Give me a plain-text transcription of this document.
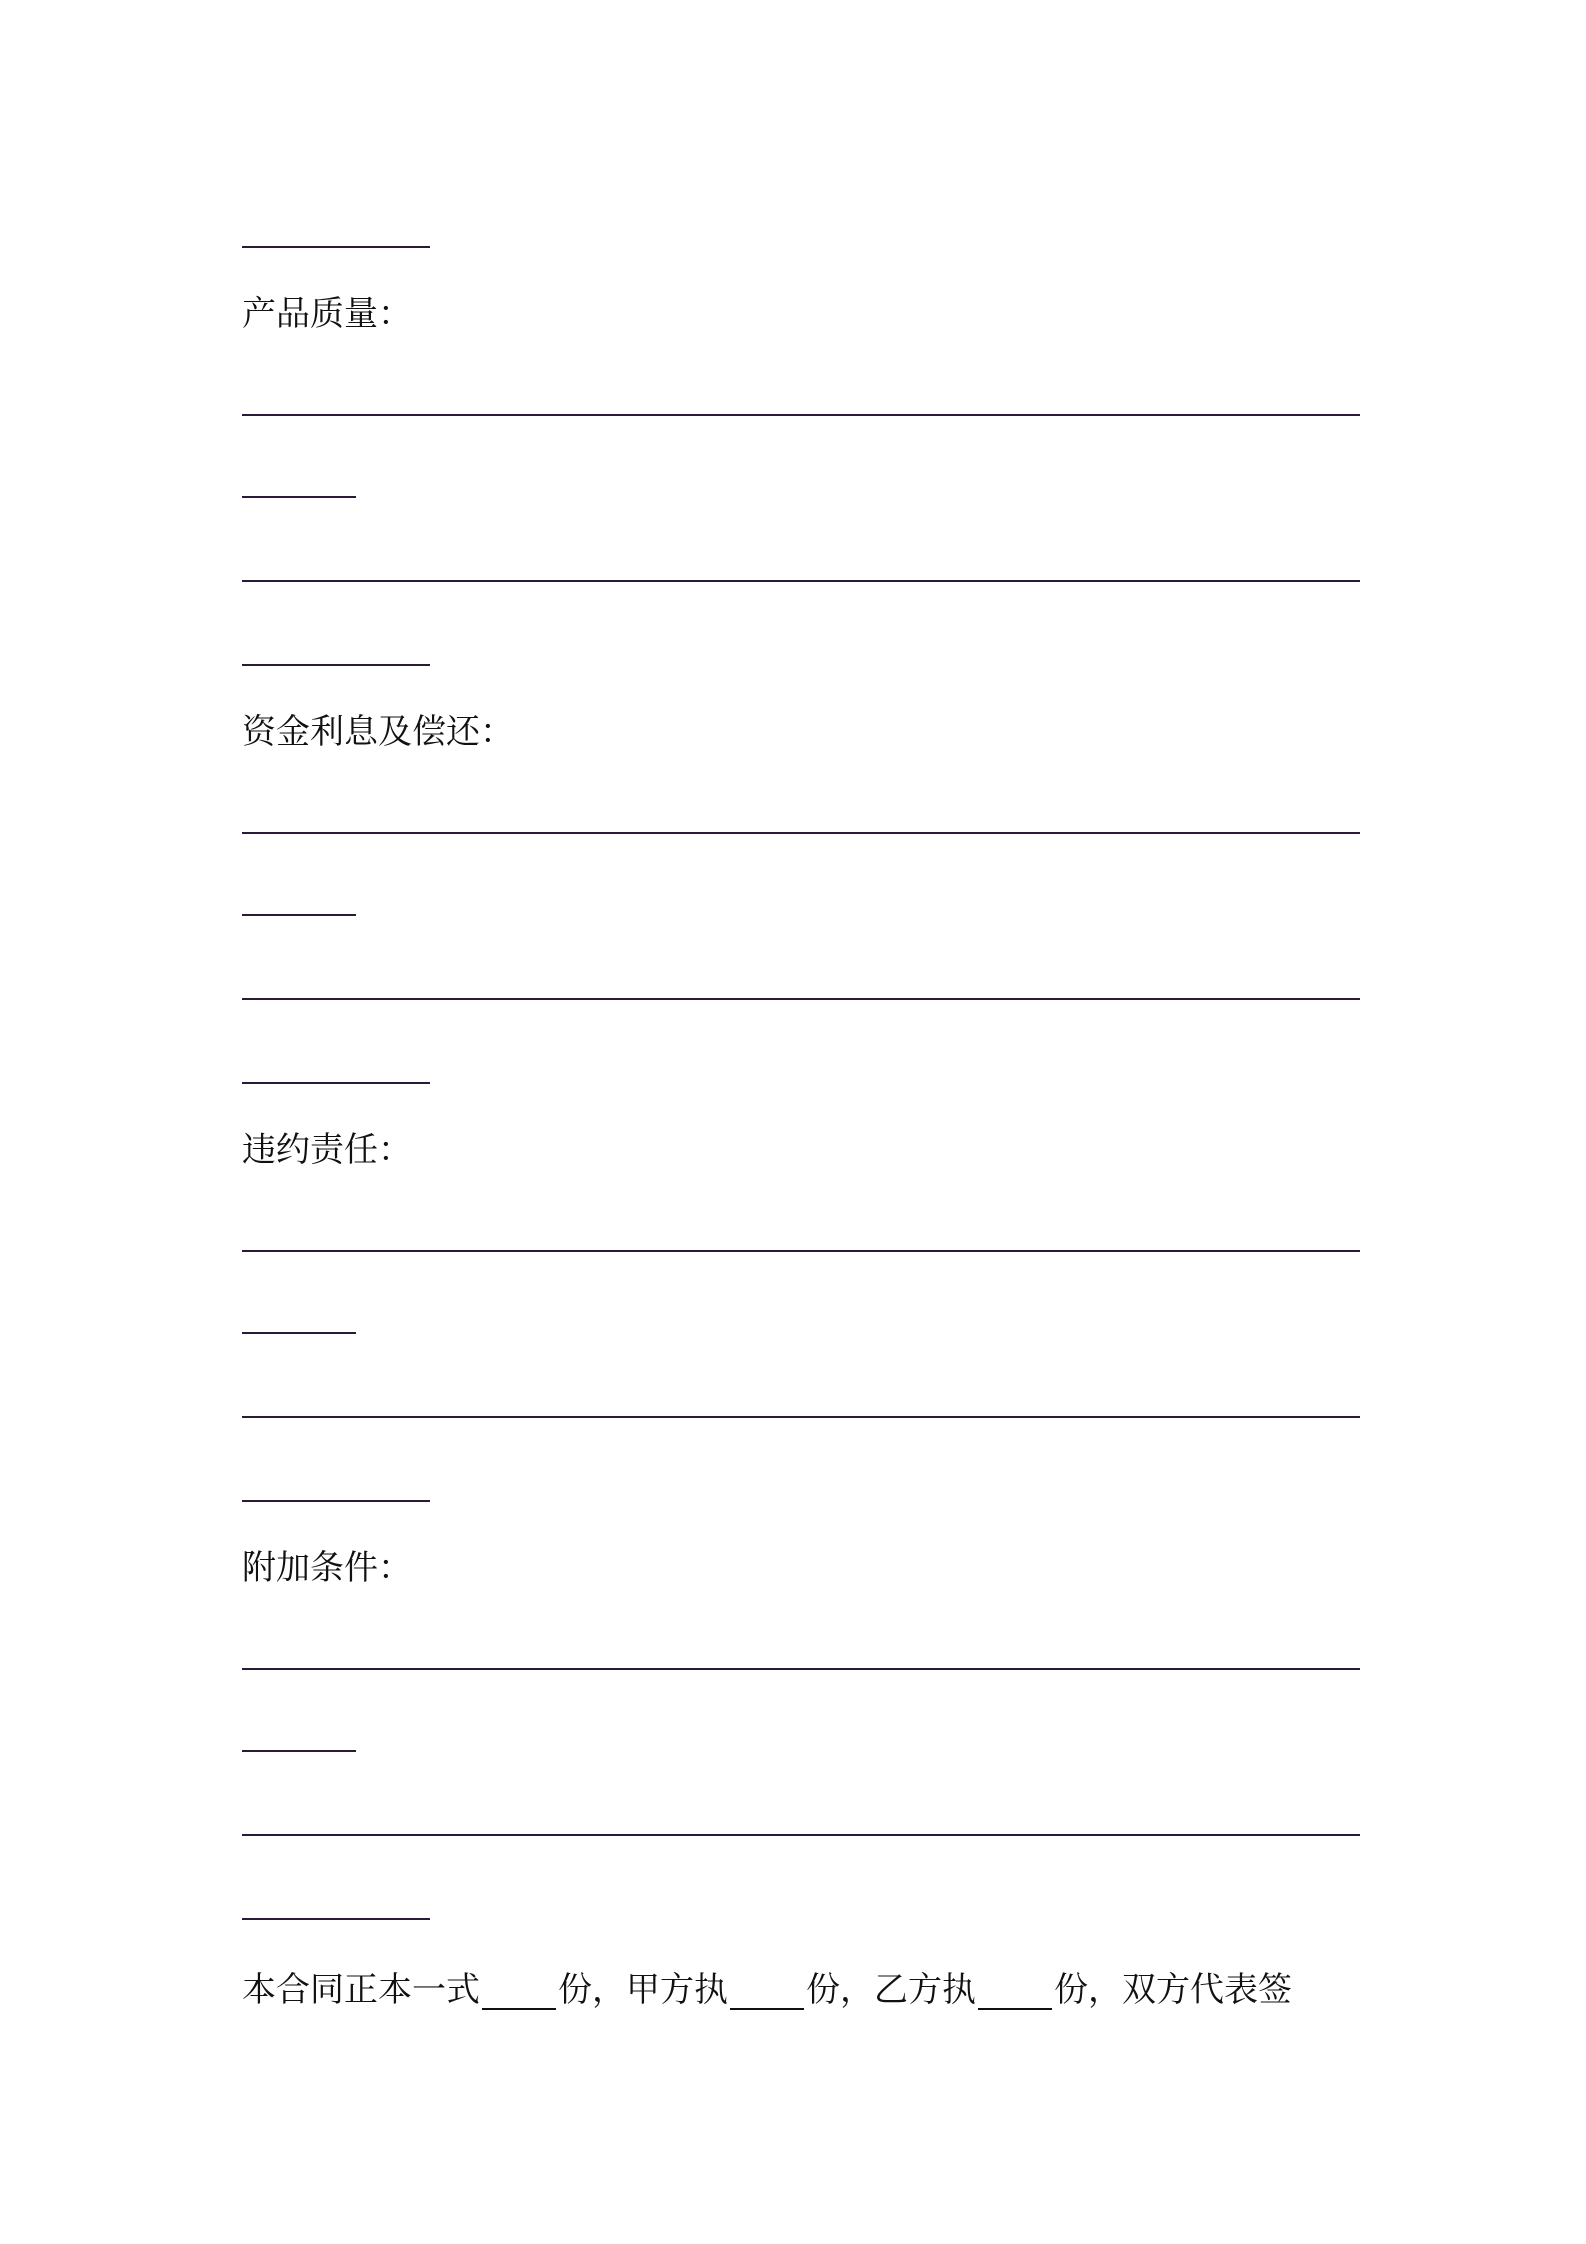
产品质量：
资金利息及偿还：
违约责任：
附加条件：
本合同正本一式 份，甲方执 份，乙方执 份，双方代表签
